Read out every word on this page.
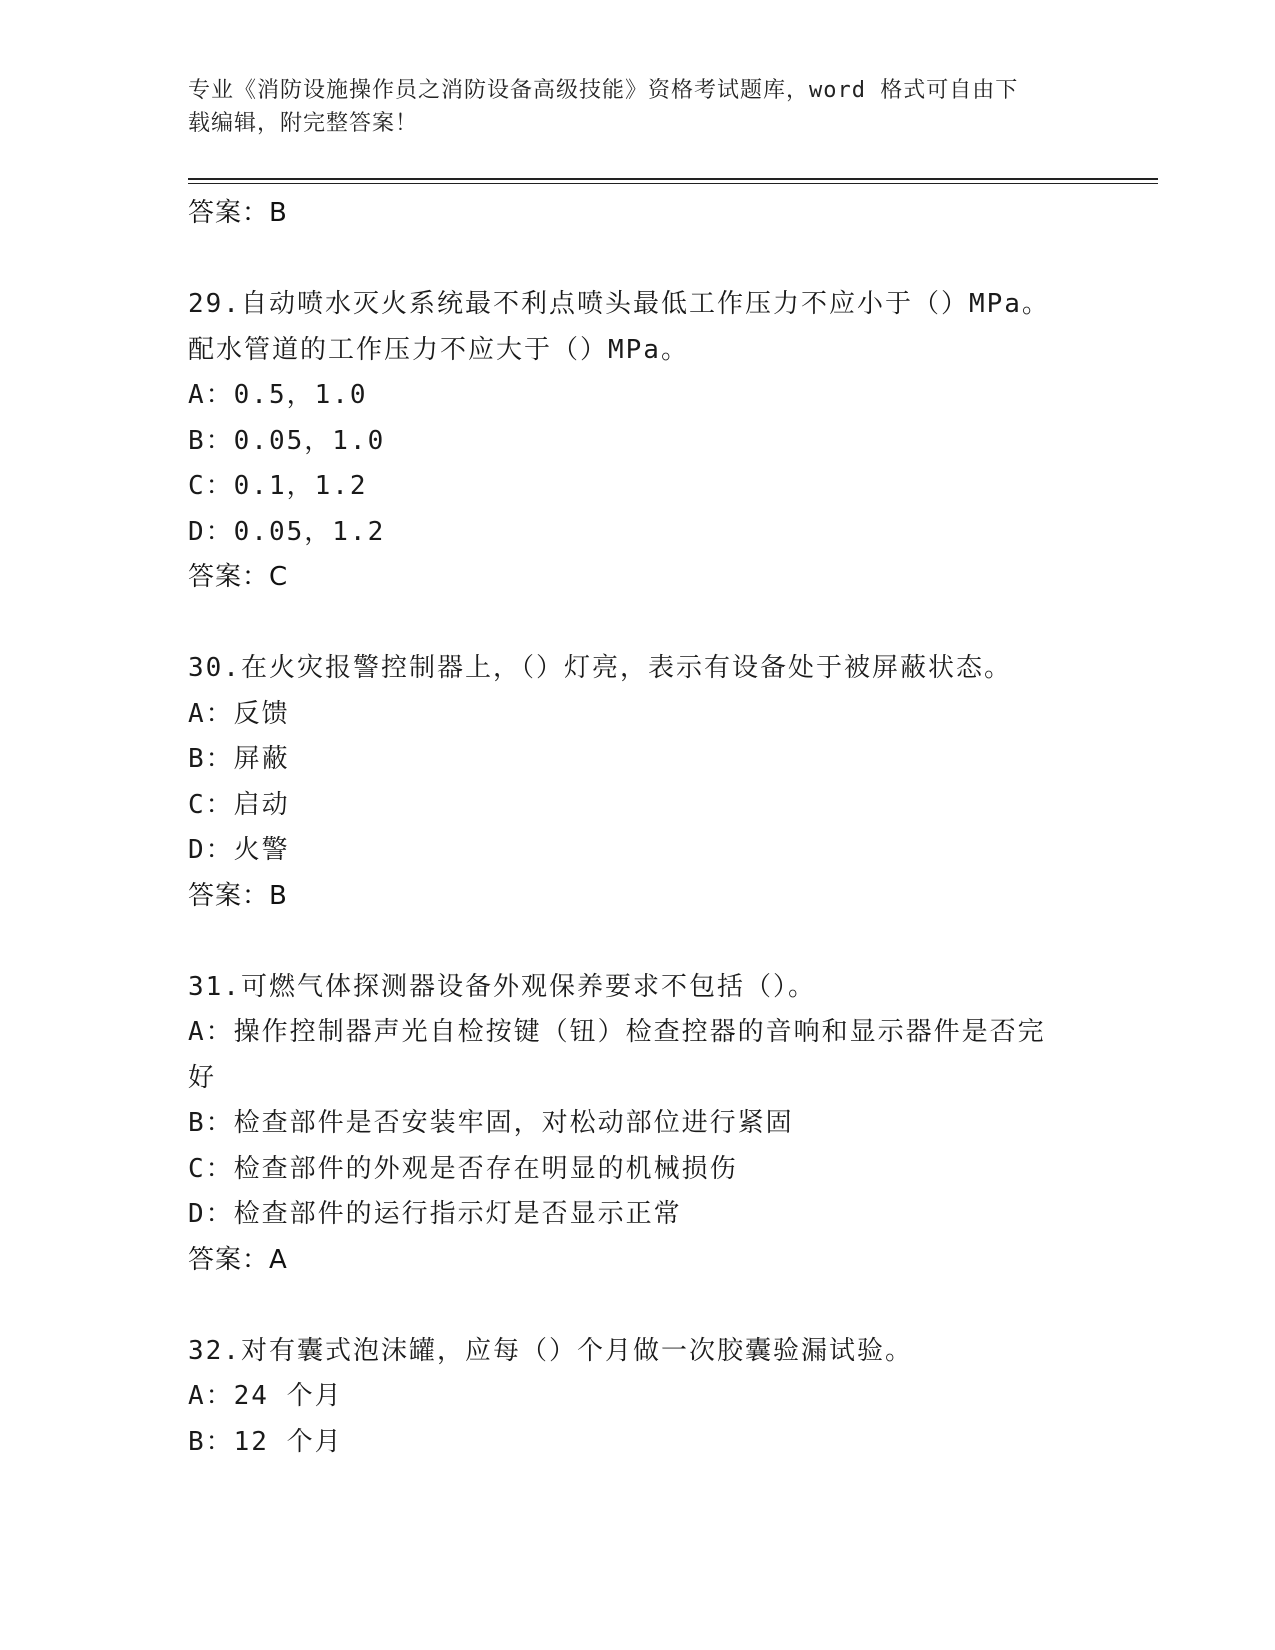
专业《消防设施操作员之消防设备高级技能》资格考试题库，word 格式可自由下
载编辑，附完整答案！
答案：B
29.自动喷水灭火系统最不利点喷头最低工作压力不应小于（）MPa。
配水管道的工作压力不应大于（）MPa。
A：0.5，1.0
B：0.05，1.0
C：0.1，1.2
D：0.05，1.2
答案：C
30.在火灾报警控制器上，（）灯亮，表示有设备处于被屏蔽状态。
A：反馈
B：屏蔽
C：启动
D：火警
答案：B
31.可燃气体探测器设备外观保养要求不包括（）。
A：操作控制器声光自检按键（钮）检查控器的音响和显示器件是否完
好
B：检查部件是否安装牢固，对松动部位进行紧固
C：检查部件的外观是否存在明显的机械损伤
D：检查部件的运行指示灯是否显示正常
答案：A
32.对有囊式泡沫罐，应每（）个月做一次胶囊验漏试验。
A：24 个月
B：12 个月
